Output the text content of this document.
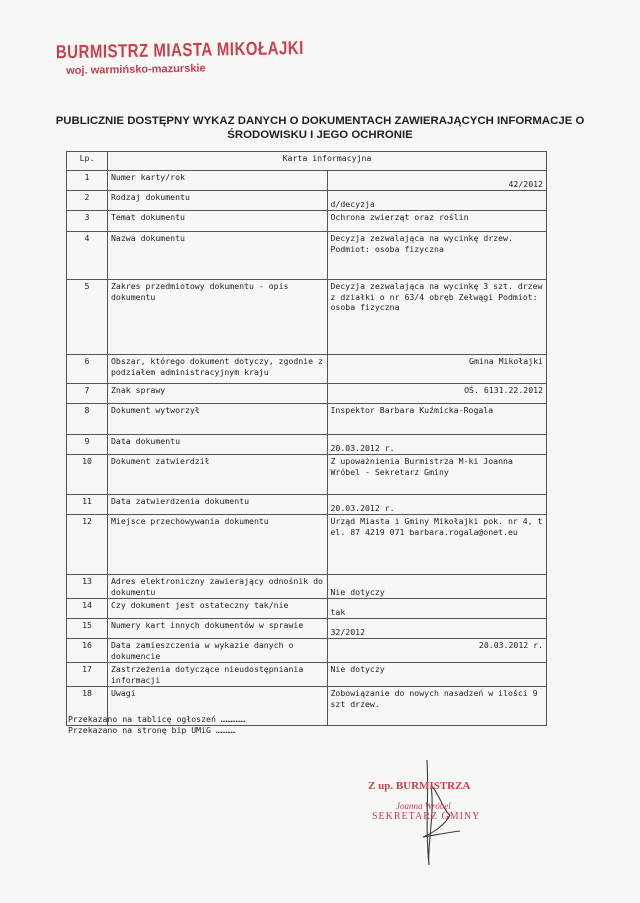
BURMISTRZ MIASTA MIKOŁAJKI
woj. warmińsko-mazurskie
PUBLICZNIE DOSTĘPNY WYKAZ DANYCH O DOKUMENTACH ZAWIERAJĄCYCH INFORMACJE O
ŚRODOWISKU I JEGO OCHRONIE
Lp.	Karta informacyjna	
1	Numer karty/rok	42/2012
2	Rodzaj dokumentu	d/decyzja
3	Temat dokumentu	Ochrona zwierząt oraz roślin
4	Nazwa dokumentu	Decyzja zezwalająca na wycinkę drzew. Podmiot: osoba fizyczna
5	Zakres przedmiotowy dokumentu - opis dokumentu	Decyzja zezwalająca na wycinkę 3 szt. drzew z działki o nr 63/4 obręb Zełwągi Podmiot: osoba fizyczna
6	Obszar, którego dokument dotyczy, zgodnie z podziałem administracyjnym kraju	Gmina Mikołajki
7	Znak sprawy	OŚ. 6131.22.2012
8	Dokument wytworzył	Inspektor Barbara Kuźmicka-Rogala
9	Data dokumentu	20.03.2012 r.
10	Dokument zatwierdził	Z upoważnienia Burmistrza M-ki Joanna Wróbel - Sekretarz Gminy
11	Data zatwierdzenia dokumentu	20.03.2012 r.
12	Miejsce przechowywania dokumentu	Urząd Miasta i Gminy Mikołajki pok. nr 4, tel. 87 4219 071 barbara.rogala@onet.eu
13	Adres elektroniczny zawierający odnośnik do dokumentu	Nie dotyczy
14	Czy dokument jest ostateczny tak/nie	tak
15	Numery kart innych dokumentów w sprawie	32/2012
16	Data zamieszczenia w wykazie danych o dokumencie	20.03.2012 r.
17	Zastrzeżenia dotyczące nieudostępniania informacji	Nie dotyczy
18	Uwagi	Zobowiązanie do nowych nasadzeń w ilości 9 szt drzew.
Przekazano na tablicę ogłoszeń ……………
Przekazano na stronę bip UMiG …………
Z up. BURMISTRZA
Joanna Wróbel
SEKRETARZ GMINY
